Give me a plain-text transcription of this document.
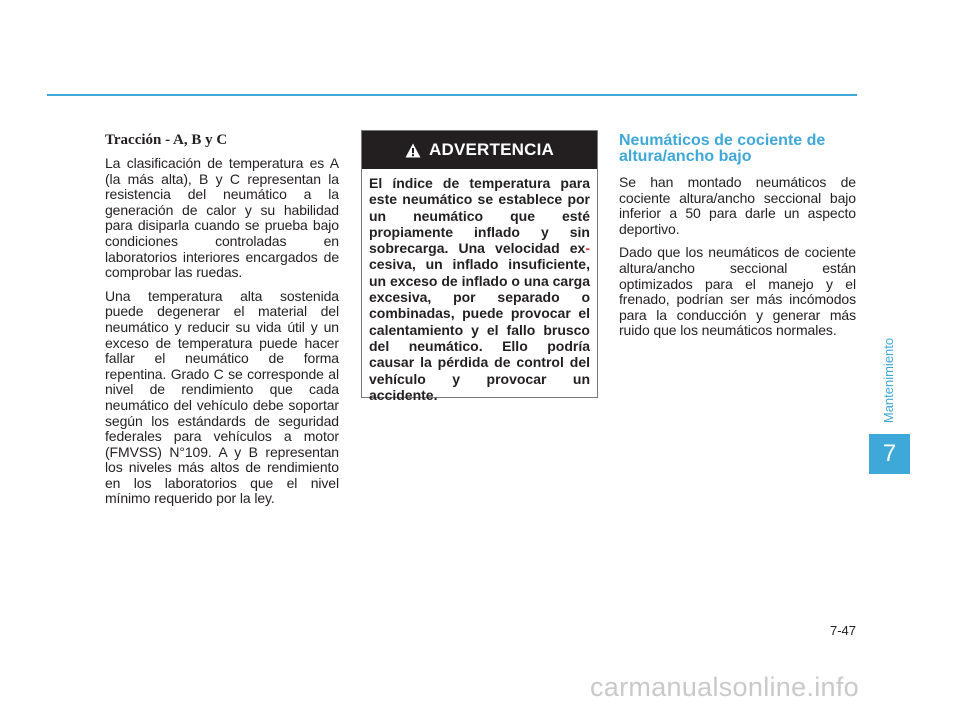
Tracción - A, B y C

La clasificación de temperatura es A (la más alta), B y C representan la resistencia del neumático a la generación de calor y su habilidad para disiparla cuando se prueba bajo condiciones controladas en laboratorios interiores encargados de comprobar las ruedas.

Una temperatura alta sostenida puede degenerar el material del neumático y reducir su vida útil y un exceso de temperatura puede hacer fallar el neumático de forma repentina. Grado C se corresponde al nivel de rendimiento que cada neumático del vehículo debe soportar según los estándards de seguridad federales para vehículos a motor (FMVSS) N°109. A y B representan los niveles más altos de rendimiento en los laboratorios que el nivel mínimo requerido por la ley.

ADVERTENCIA
El índice de temperatura para este neumático se establece por un neumático que esté propiamente inflado y sin sobrecarga. Una velocidad ex-cesiva, un inflado insuficiente, un exceso de inflado o una carga excesiva, por separado o combinadas, puede provocar el calentamiento y el fallo brusco del neumático. Ello podría causar la pérdida de control del vehículo y provocar un accidente.
Neumáticos de cociente de altura/ancho bajo

Se han montado neumáticos de cociente altura/ancho seccional bajo inferior a 50 para darle un aspecto deportivo.

Dado que los neumáticos de cociente altura/ancho seccional están optimizados para el manejo y el frenado, podrían ser más incómodos para la conducción y generar más ruido que los neumáticos normales.

Mantenimiento
7
7-47
carmanualsonline.info
